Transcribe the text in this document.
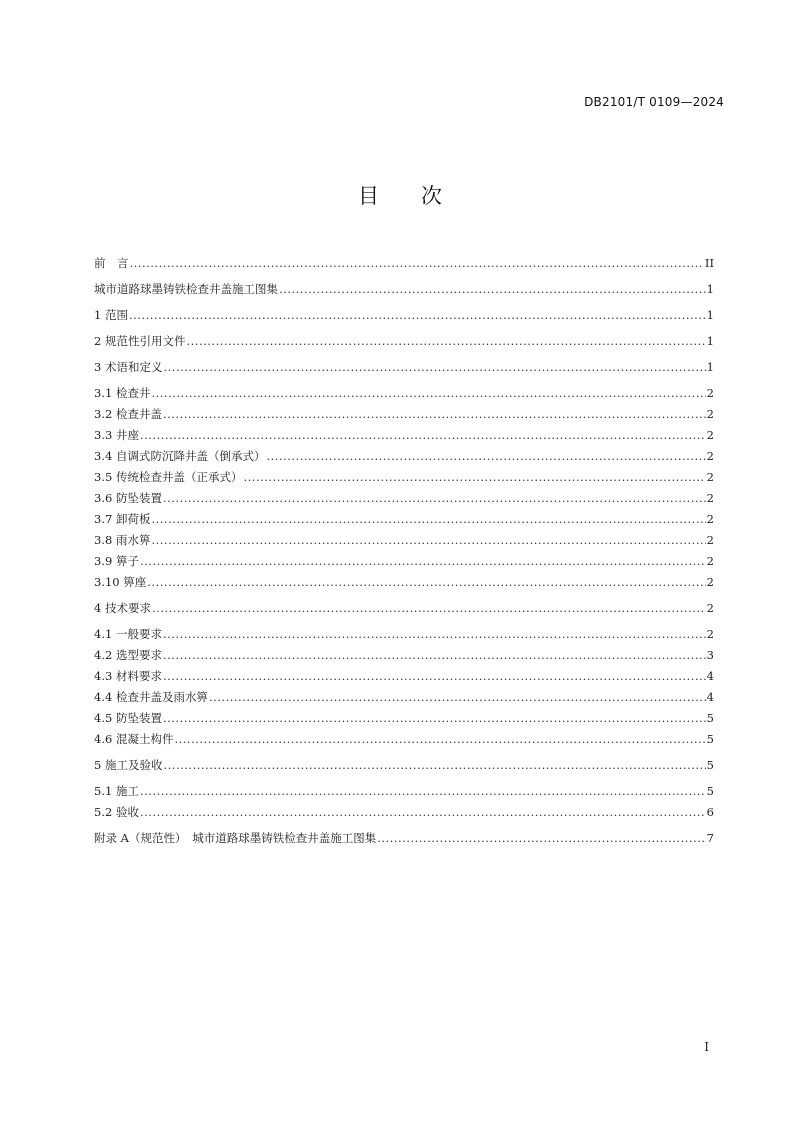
DB2101/T 0109—2024
目 次
前　言 .....	II
城市道路球墨铸铁检查井盖施工图集 .....	1
1 范围 .....	1
2 规范性引用文件 .....	1
3 术语和定义 .....	1
3.1 检查井 .....	2
3.2 检查井盖 .....	2
3.3 井座 .....	2
3.4 自调式防沉降井盖（倒承式） .....	2
3.5 传统检查井盖（正承式） .....	2
3.6 防坠装置 .....	2
3.7 卸荷板 .....	2
3.8 雨水箅 .....	2
3.9 箅子 .....	2
3.10 箅座 .....	2
4 技术要求 .....	2
4.1 一般要求 .....	2
4.2 选型要求 .....	3
4.3 材料要求 .....	4
4.4 检查井盖及雨水箅 .....	4
4.5 防坠装置 .....	5
4.6 混凝土构件 .....	5
5 施工及验收 .....	5
5.1 施工 .....	5
5.2 验收 .....	6
附录 A（规范性）　城市道路球墨铸铁检查井盖施工图集 .....	7
I
